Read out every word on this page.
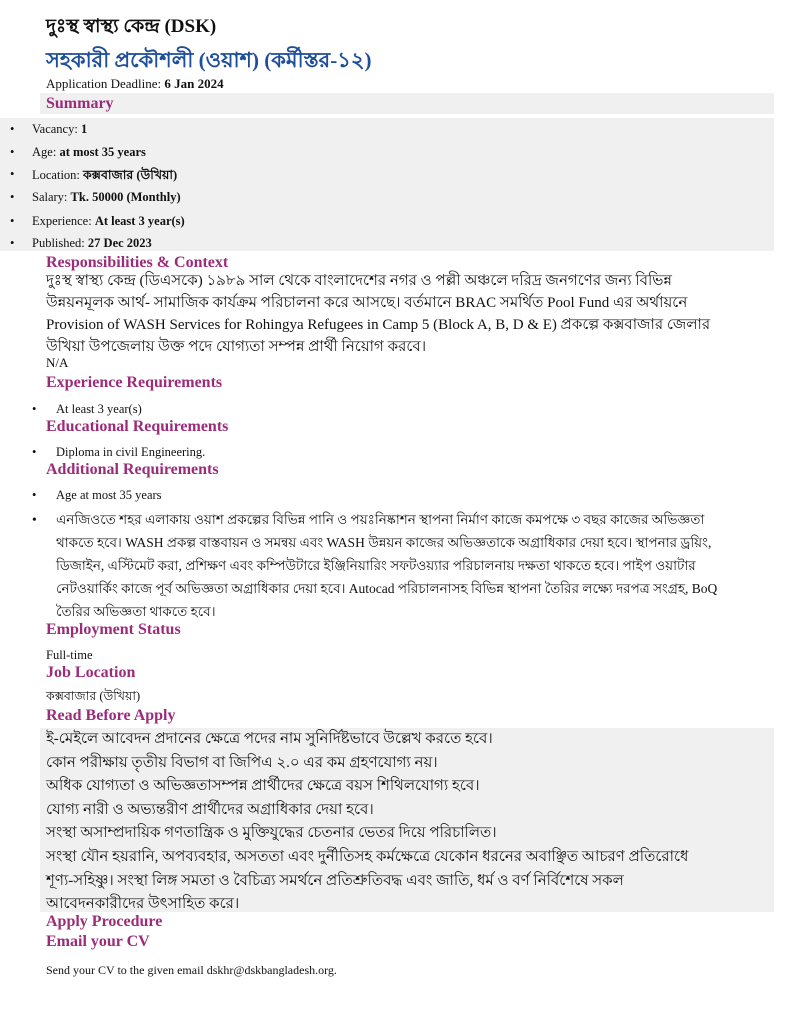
দুঃস্থ স্বাস্থ্য কেন্দ্র (DSK)
সহকারী প্রকৌশলী (ওয়াশ) (কর্মীস্তর-১২)
Application Deadline: 6 Jan 2024
Summary
• Vacancy: 1
• Age: at most 35 years
• Location: কক্সবাজার (উখিয়া)
• Salary: Tk. 50000 (Monthly)
• Experience: At least 3 year(s)
• Published: 27 Dec 2023
Responsibilities & Context
দুঃস্থ স্বাস্থ্য কেন্দ্র (ডিএসকে) ১৯৮৯ সাল থেকে বাংলাদেশের নগর ও পল্লী অঞ্চলে দরিদ্র জনগণের জন্য বিভিন্ন
উন্নয়নমূলক আর্থ- সামাজিক কার্যক্রম পরিচালনা করে আসছে। বর্তমানে BRAC সমর্থিত Pool Fund এর অর্থায়নে
Provision of WASH Services for Rohingya Refugees in Camp 5 (Block A, B, D & E) প্রকল্পে কক্সবাজার জেলার
উখিয়া উপজেলায় উক্ত পদে যোগ্যতা সম্পন্ন প্রার্থী নিয়োগ করবে।
N/A
Experience Requirements
• At least 3 year(s)
Educational Requirements
• Diploma in civil Engineering.
Additional Requirements
• Age at most 35 years
• এনজিওতে শহর এলাকায় ওয়াশ প্রকল্পের বিভিন্ন পানি ও পয়ঃনিষ্কাশন স্থাপনা নির্মাণ কাজে কমপক্ষে ৩ বছর কাজের অভিজ্ঞতা
থাকতে হবে। WASH প্রকল্প বাস্তবায়ন ও সমন্বয় এবং WASH উন্নয়ন কাজের অভিজ্ঞতাকে অগ্রাধিকার দেয়া হবে। স্থাপনার ড্রয়িং,
ডিজাইন, এস্টিমেট করা, প্রশিক্ষণ এবং কম্পিউটারে ইঞ্জিনিয়ারিং সফটওয়্যার পরিচালনায় দক্ষতা থাকতে হবে। পাইপ ওয়াটার
নেটওয়ার্কিং কাজে পূর্ব অভিজ্ঞতা অগ্রাধিকার দেয়া হবে। Autocad পরিচালনাসহ বিভিন্ন স্থাপনা তৈরির লক্ষ্যে দরপত্র সংগ্রহ, BoQ
তৈরির অভিজ্ঞতা থাকতে হবে।
Employment Status
Full-time
Job Location
কক্সবাজার (উখিয়া)
Read Before Apply
ই-মেইলে আবেদন প্রদানের ক্ষেত্রে পদের নাম সুনির্দিষ্টভাবে উল্লেখ করতে হবে।
কোন পরীক্ষায় তৃতীয় বিভাগ বা জিপিএ ২.০ এর কম গ্রহণযোগ্য নয়।
অধিক যোগ্যতা ও অভিজ্ঞতাসম্পন্ন প্রার্থীদের ক্ষেত্রে বয়স শিথিলযোগ্য হবে।
যোগ্য নারী ও অভ্যন্তরীণ প্রার্থীদের অগ্রাধিকার দেয়া হবে।
সংস্থা অসাম্প্রদায়িক গণতান্ত্রিক ও মুক্তিযুদ্ধের চেতনার ভেতর দিয়ে পরিচালিত।
সংস্থা যৌন হয়রানি, অপব্যবহার, অসততা এবং দুর্নীতিসহ কর্মক্ষেত্রে যেকোন ধরনের অবাঞ্ছিত আচরণ প্রতিরোধে
শূণ্য-সহিষ্ণু। সংস্থা লিঙ্গ সমতা ও বৈচিত্র্য সমর্থনে প্রতিশ্রুতিবদ্ধ এবং জাতি, ধর্ম ও বর্ণ নির্বিশেষে সকল
আবেদনকারীদের উৎসাহিত করে।
Apply Procedure
Email your CV
Send your CV to the given email dskhr@dskbangladesh.org.
